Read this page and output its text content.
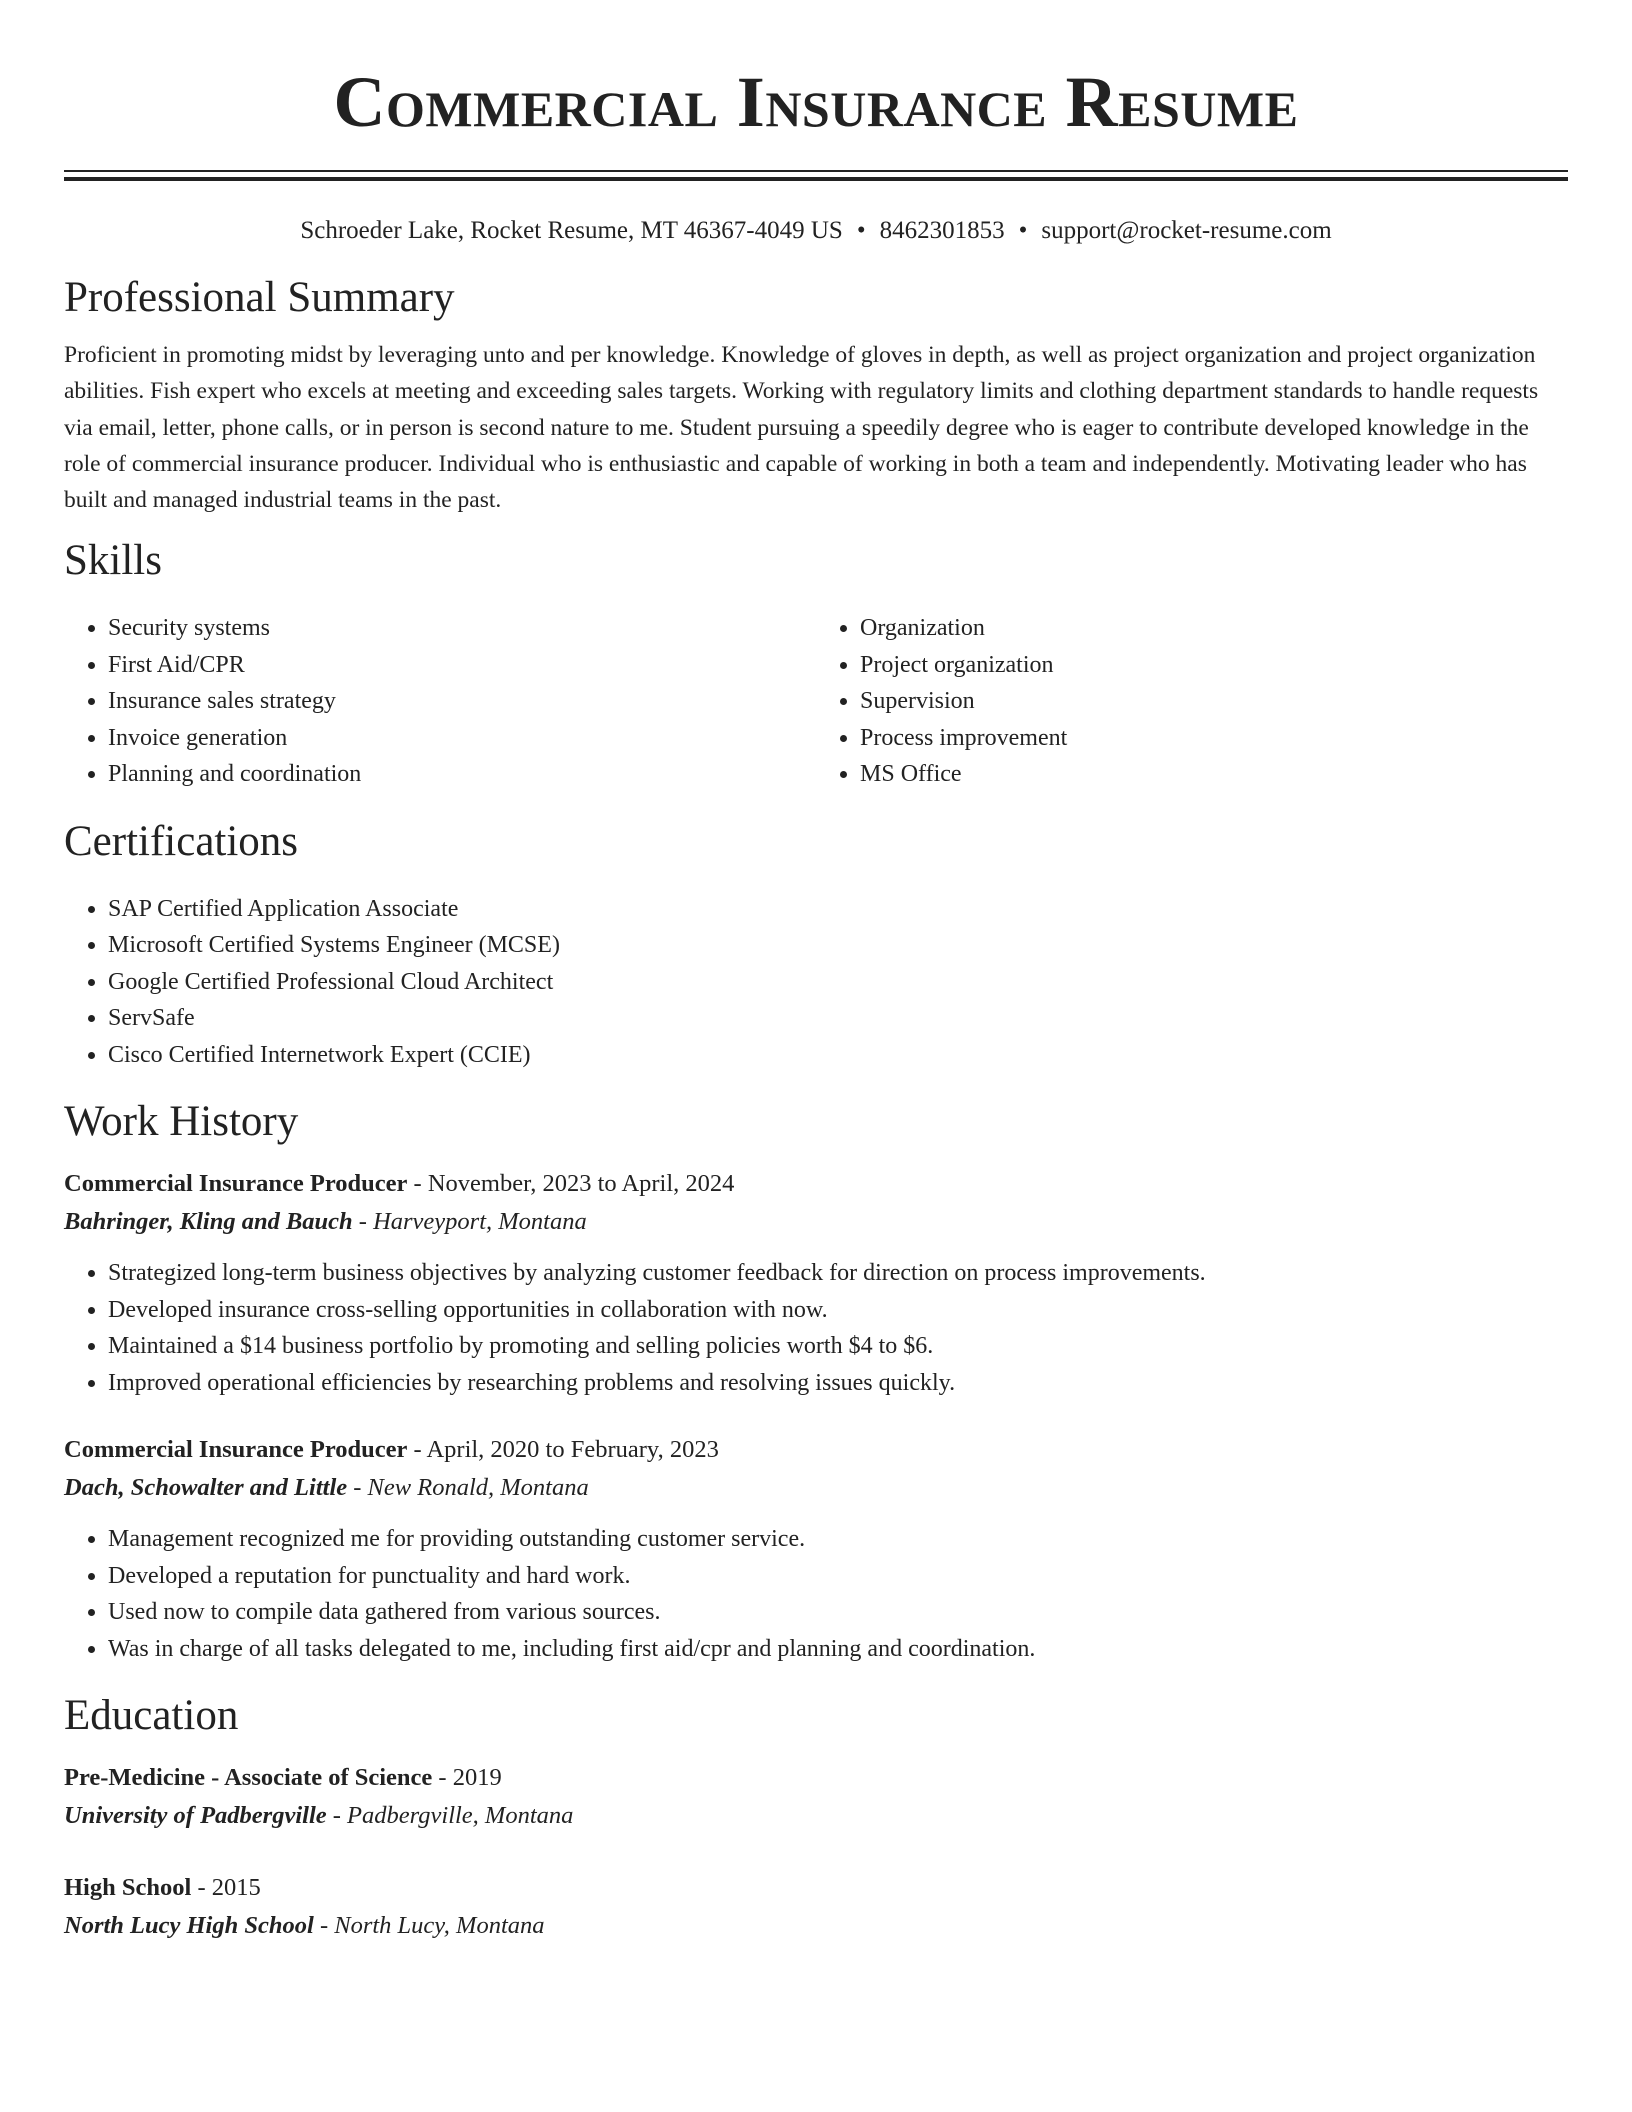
Commercial Insurance Resume
Schroeder Lake, Rocket Resume, MT 46367-4049 US • 8462301853 • support@rocket-resume.com
Professional Summary

Proficient in promoting midst by leveraging unto and per knowledge. Knowledge of gloves in depth, as well as project organization and project organization abilities. Fish expert who excels at meeting and exceeding sales targets. Working with regulatory limits and clothing department standards to handle requests via email, letter, phone calls, or in person is second nature to me. Student pursuing a speedily degree who is eager to contribute developed knowledge in the role of commercial insurance producer. Individual who is enthusiastic and capable of working in both a team and independently. Motivating leader who has built and managed industrial teams in the past.

Skills
• Security systems
• First Aid/CPR
• Insurance sales strategy
• Invoice generation
• Planning and coordination
• Organization
• Project organization
• Supervision
• Process improvement
• MS Office
Certifications
• SAP Certified Application Associate
• Microsoft Certified Systems Engineer (MCSE)
• Google Certified Professional Cloud Architect
• ServSafe
• Cisco Certified Internetwork Expert (CCIE)
Work History
Commercial Insurance Producer - November, 2023 to April, 2024
Bahringer, Kling and Bauch - Harveyport, Montana
• Strategized long-term business objectives by analyzing customer feedback for direction on process improvements.
• Developed insurance cross-selling opportunities in collaboration with now.
• Maintained a $14 business portfolio by promoting and selling policies worth $4 to $6.
• Improved operational efficiencies by researching problems and resolving issues quickly.
Commercial Insurance Producer - April, 2020 to February, 2023
Dach, Schowalter and Little - New Ronald, Montana
• Management recognized me for providing outstanding customer service.
• Developed a reputation for punctuality and hard work.
• Used now to compile data gathered from various sources.
• Was in charge of all tasks delegated to me, including first aid/cpr and planning and coordination.
Education
Pre-Medicine - Associate of Science - 2019
University of Padbergville - Padbergville, Montana
High School - 2015
North Lucy High School - North Lucy, Montana
